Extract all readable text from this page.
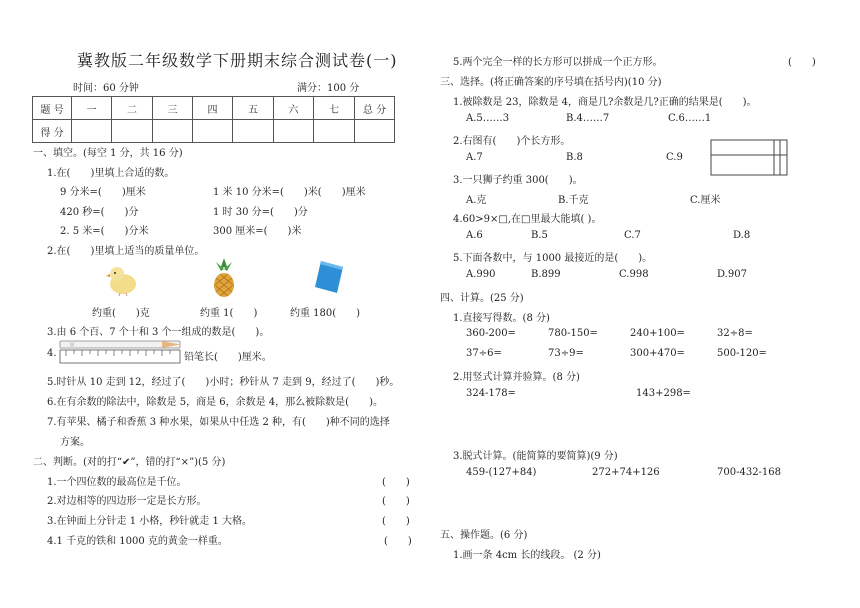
冀教版二年级数学下册期末综合测试卷(一)
时间：60 分钟	满分：100 分
题 号	一	二	三	四	五	六	七	总 分
得 分								
一、填空。(每空 1 分，共 16 分)
1.在(　　)里填上合适的数。
9 分米=(　　)厘米	1 米 10 分米=(　　)米(　　)厘米
420 秒=(　　)分	1 时 30 分=(　　)分
2. 5 米=(　　)分米	300 厘米=(　　)米
2.在(　　)里填上适当的质量单位。
约重(　　)克	约重 1(　　)	约重 180(　　)
3.由 6 个百、7 个十和 3 个一组成的数是(　　)。
4.	铅笔长(　　)厘米。
5.时针从 10 走到 12，经过了(　　)小时；秒针从 7 走到 9，经过了(　　)秒。
6.在有余数的除法中，除数是 5，商是 6，余数是 4，那么被除数是(　　)。
7.有苹果、橘子和香蕉 3 种水果，如果从中任选 2 种，有(　　)种不同的选择
方案。
二、判断。(对的打“✔”，错的打“×”)(5 分)
1.一个四位数的最高位是千位。	(　　)
2.对边相等的四边形一定是长方形。	(　　)
3.在钟面上分针走 1 小格，秒针就走 1 大格。	(　　)
4.1 千克的铁和 1000 克的黄金一样重。	(　　)
5.两个完全一样的长方形可以拼成一个正方形。	(　　)
三、选择。(将正确答案的序号填在括号内)(10 分)
1.被除数是 23，除数是 4，商是几?余数是几?正确的结果是(　　)。
A.5……3	B.4……7	C.6……1
2.右图有(　　)个长方形。
A.7	B.8	C.9
3.一只狮子约重 300(　　)。
A.克	B.千克	C.厘米
4.60>9×□,在□里最大能填( )。
A.6	B.5	C.7	D.8
5.下面各数中，与 1000 最接近的是(　　)。
A.990	B.899	C.998	D.907
四、计算。(25 分)
1.直接写得数。(8 分)
360-200=	780-150=	240+100=	32÷8=
37÷6=	73÷9=	300+470=	500-120=
2.用竖式计算并验算。(8 分)
324-178=	143+298=
3.脱式计算。(能简算的要简算)(9 分)
459-(127+84)	272+74+126	700-432-168
五、操作题。(6 分)
1.画一条 4cm 长的线段。 (2 分)
